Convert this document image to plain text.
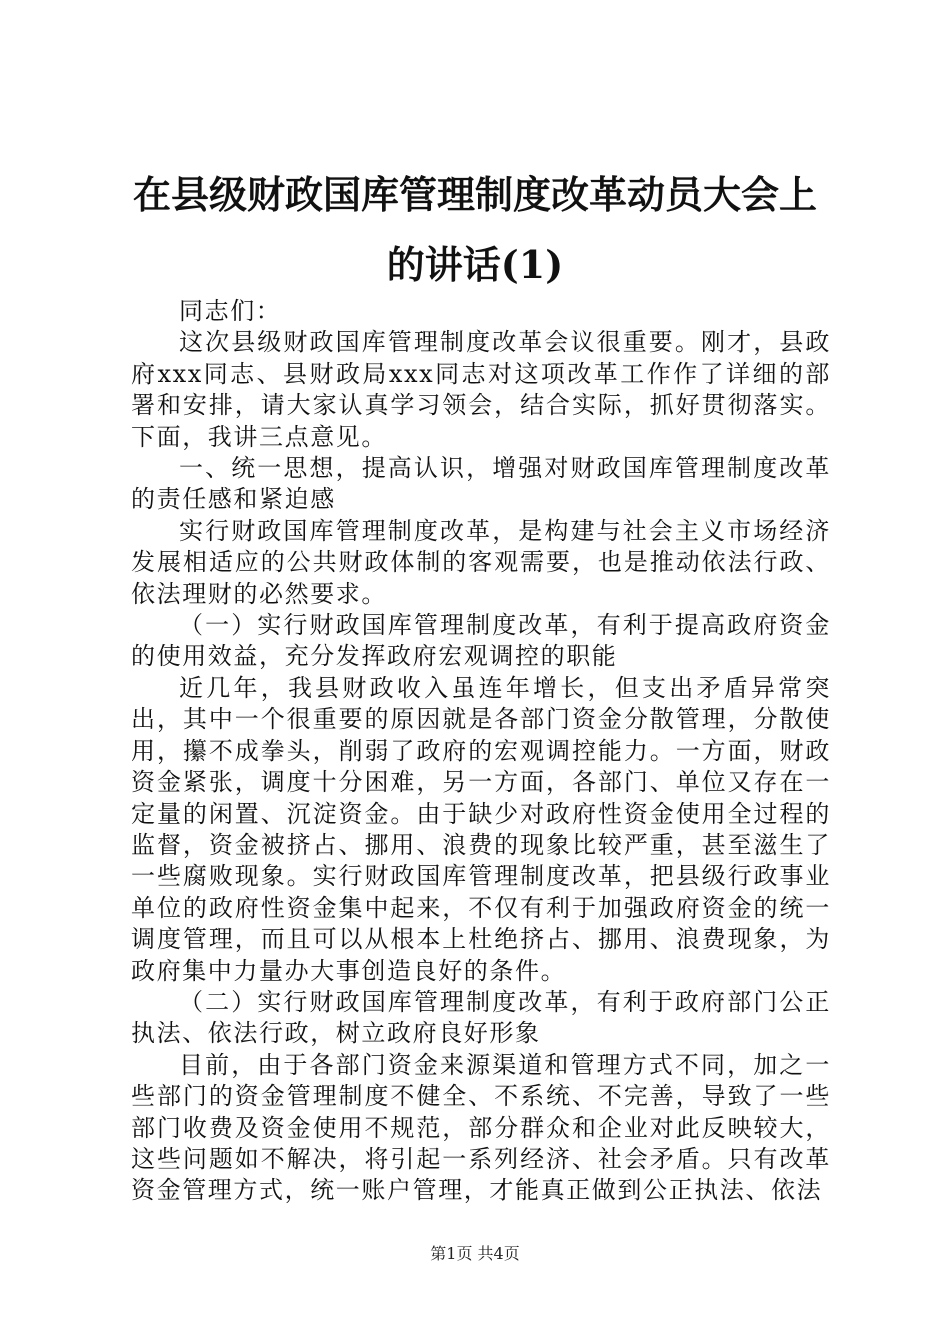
在县级财政国库管理制度改革动员大会上的讲话(1)

同志们：

这次县级财政国库管理制度改革会议很重要。刚才，县政府xxx同志、县财政局xxx同志对这项改革工作作了详细的部署和安排，请大家认真学习领会，结合实际，抓好贯彻落实。下面，我讲三点意见。

一、统一思想，提高认识，增强对财政国库管理制度改革的责任感和紧迫感

实行财政国库管理制度改革，是构建与社会主义市场经济发展相适应的公共财政体制的客观需要，也是推动依法行政、依法理财的必然要求。

（一）实行财政国库管理制度改革，有利于提高政府资金的使用效益，充分发挥政府宏观调控的职能

近几年，我县财政收入虽连年增长，但支出矛盾异常突出，其中一个很重要的原因就是各部门资金分散管理，分散使用，攥不成拳头，削弱了政府的宏观调控能力。一方面，财政资金紧张，调度十分困难，另一方面，各部门、单位又存在一定量的闲置、沉淀资金。由于缺少对政府性资金使用全过程的监督，资金被挤占、挪用、浪费的现象比较严重，甚至滋生了一些腐败现象。实行财政国库管理制度改革，把县级行政事业单位的政府性资金集中起来，不仅有利于加强政府资金的统一调度管理，而且可以从根本上杜绝挤占、挪用、浪费现象，为政府集中力量办大事创造良好的条件。

（二）实行财政国库管理制度改革，有利于政府部门公正执法、依法行政，树立政府良好形象

目前，由于各部门资金来源渠道和管理方式不同，加之一些部门的资金管理制度不健全、不系统、不完善，导致了一些部门收费及资金使用不规范，部分群众和企业对此反映较大，这些问题如不解决，将引起一系列经济、社会矛盾。只有改革资金管理方式，统一账户管理，才能真正做到公正执法、依法

第1页 共4页
